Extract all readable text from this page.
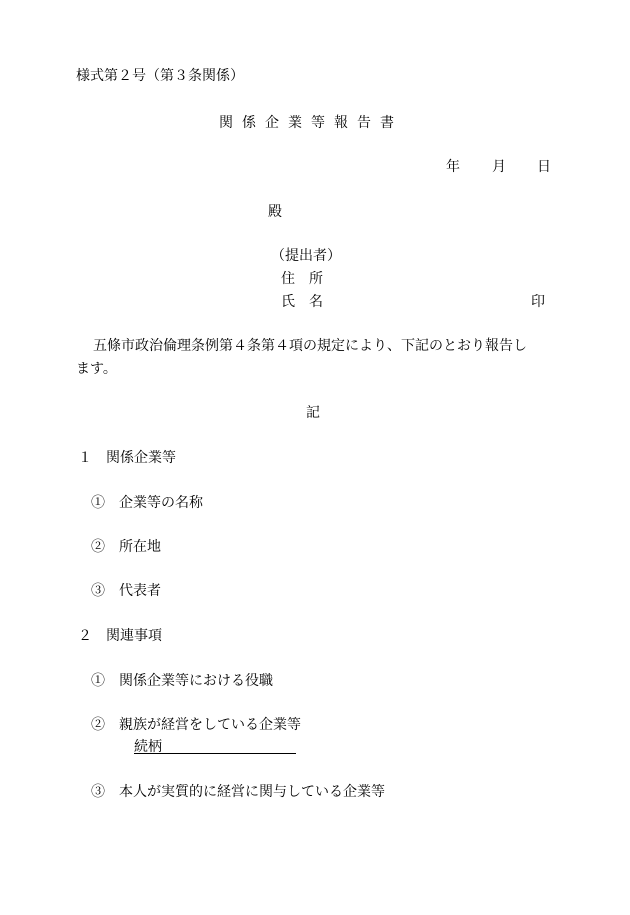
様式第２号（第３条関係）
関係企業等報告書
年 月 日
殿
（提出者）
住　所
氏　名	印
五條市政治倫理条例第４条第４項の規定により、下記のとおり報告し
ます。
記
１　関係企業等
①　企業等の名称
②　所在地
③　代表者
２　関連事項
①　関係企業等における役職
②　親族が経営をしている企業等
続柄
③　本人が実質的に経営に関与している企業等
